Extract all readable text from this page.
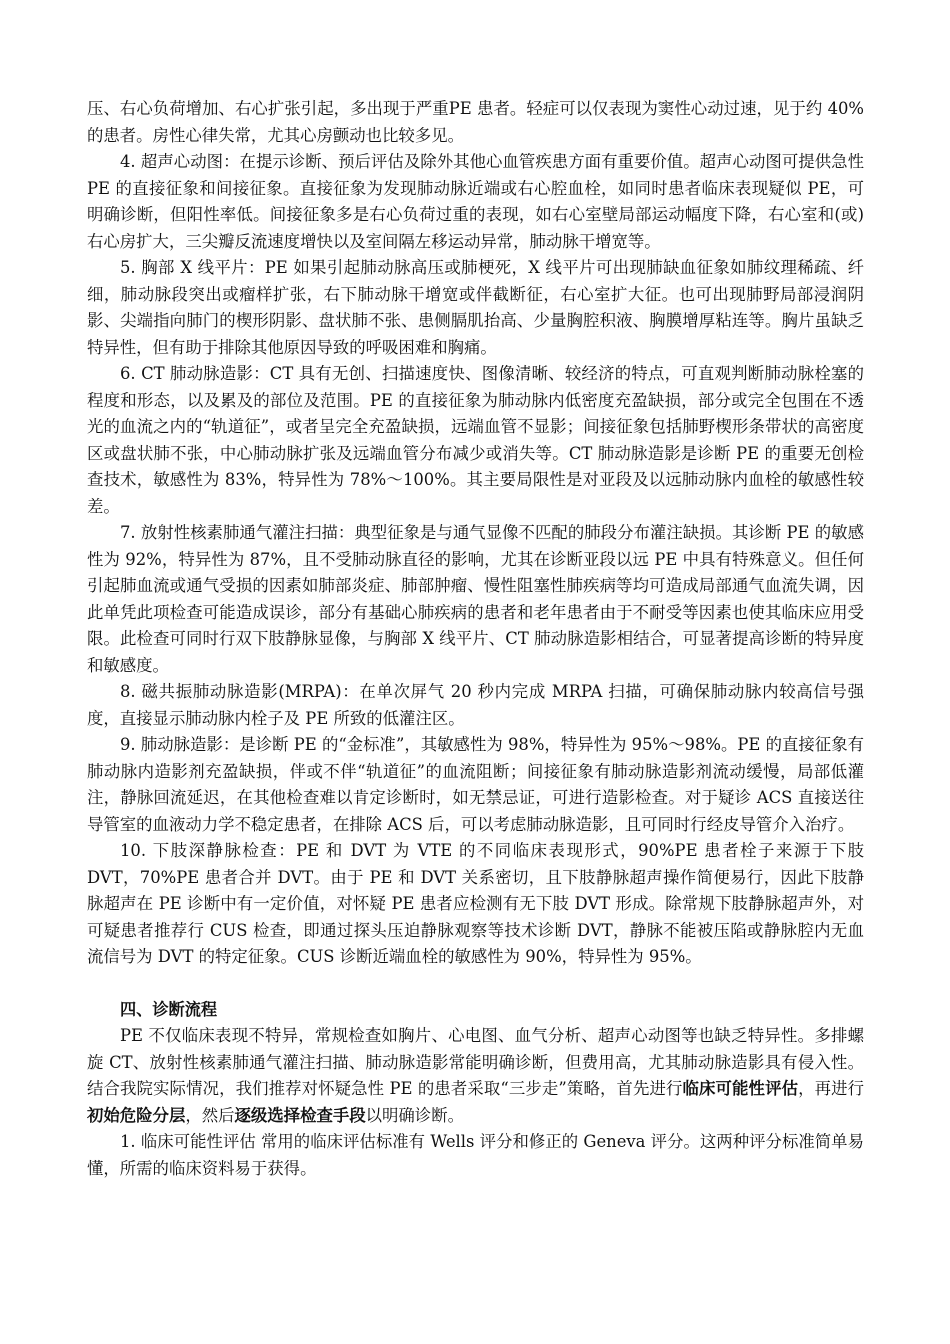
压、右心负荷增加、右心扩张引起，多出现于严重PE 患者。轻症可以仅表现为窦性心动过速，见于约 40%的患者。房性心律失常，尤其心房颤动也比较多见。

4. 超声心动图：在提示诊断、预后评估及除外其他心血管疾患方面有重要价值。超声心动图可提供急性 PE 的直接征象和间接征象。直接征象为发现肺动脉近端或右心腔血栓，如同时患者临床表现疑似 PE，可明确诊断，但阳性率低。间接征象多是右心负荷过重的表现，如右心室壁局部运动幅度下降，右心室和(或)右心房扩大，三尖瓣反流速度增快以及室间隔左移运动异常，肺动脉干增宽等。

5. 胸部 X 线平片：PE 如果引起肺动脉高压或肺梗死，X 线平片可出现肺缺血征象如肺纹理稀疏、纤细，肺动脉段突出或瘤样扩张，右下肺动脉干增宽或伴截断征，右心室扩大征。也可出现肺野局部浸润阴影、尖端指向肺门的楔形阴影、盘状肺不张、患侧膈肌抬高、少量胸腔积液、胸膜增厚粘连等。胸片虽缺乏特异性，但有助于排除其他原因导致的呼吸困难和胸痛。

6. CT 肺动脉造影：CT 具有无创、扫描速度快、图像清晰、较经济的特点，可直观判断肺动脉栓塞的程度和形态，以及累及的部位及范围。PE 的直接征象为肺动脉内低密度充盈缺损，部分或完全包围在不透光的血流之内的“轨道征”，或者呈完全充盈缺损，远端血管不显影；间接征象包括肺野楔形条带状的高密度区或盘状肺不张，中心肺动脉扩张及远端血管分布减少或消失等。CT 肺动脉造影是诊断 PE 的重要无创检查技术，敏感性为 83%，特异性为 78%～100%。其主要局限性是对亚段及以远肺动脉内血栓的敏感性较差。

7. 放射性核素肺通气灌注扫描：典型征象是与通气显像不匹配的肺段分布灌注缺损。其诊断 PE 的敏感性为 92%，特异性为 87%，且不受肺动脉直径的影响，尤其在诊断亚段以远 PE 中具有特殊意义。但任何引起肺血流或通气受损的因素如肺部炎症、肺部肿瘤、慢性阻塞性肺疾病等均可造成局部通气血流失调，因此单凭此项检查可能造成误诊，部分有基础心肺疾病的患者和老年患者由于不耐受等因素也使其临床应用受限。此检查可同时行双下肢静脉显像，与胸部 X 线平片、CT 肺动脉造影相结合，可显著提高诊断的特异度和敏感度。

8. 磁共振肺动脉造影(MRPA)：在单次屏气 20 秒内完成 MRPA 扫描，可确保肺动脉内较高信号强度，直接显示肺动脉内栓子及 PE 所致的低灌注区。

9. 肺动脉造影：是诊断 PE 的“金标准”，其敏感性为 98%，特异性为 95%～98%。PE 的直接征象有肺动脉内造影剂充盈缺损，伴或不伴“轨道征”的血流阻断；间接征象有肺动脉造影剂流动缓慢，局部低灌注，静脉回流延迟，在其他检查难以肯定诊断时，如无禁忌证，可进行造影检查。对于疑诊 ACS 直接送往导管室的血液动力学不稳定患者，在排除 ACS 后，可以考虑肺动脉造影，且可同时行经皮导管介入治疗。

10. 下肢深静脉检查：PE 和 DVT 为 VTE 的不同临床表现形式，90%PE 患者栓子来源于下肢 DVT，70%PE 患者合并 DVT。由于 PE 和 DVT 关系密切，且下肢静脉超声操作简便易行，因此下肢静脉超声在 PE 诊断中有一定价值，对怀疑 PE 患者应检测有无下肢 DVT 形成。除常规下肢静脉超声外，对可疑患者推荐行 CUS 检查，即通过探头压迫静脉观察等技术诊断 DVT，静脉不能被压陷或静脉腔内无血流信号为 DVT 的特定征象。CUS 诊断近端血栓的敏感性为 90%，特异性为 95%。

四、诊断流程

PE 不仅临床表现不特异，常规检查如胸片、心电图、血气分析、超声心动图等也缺乏特异性。多排螺旋 CT、放射性核素肺通气灌注扫描、肺动脉造影常能明确诊断，但费用高，尤其肺动脉造影具有侵入性。结合我院实际情况，我们推荐对怀疑急性 PE 的患者采取“三步走”策略，首先进行临床可能性评估，再进行初始危险分层，然后逐级选择检查手段以明确诊断。

1. 临床可能性评估 常用的临床评估标准有 Wells 评分和修正的 Geneva 评分。这两种评分标准简单易懂，所需的临床资料易于获得。
